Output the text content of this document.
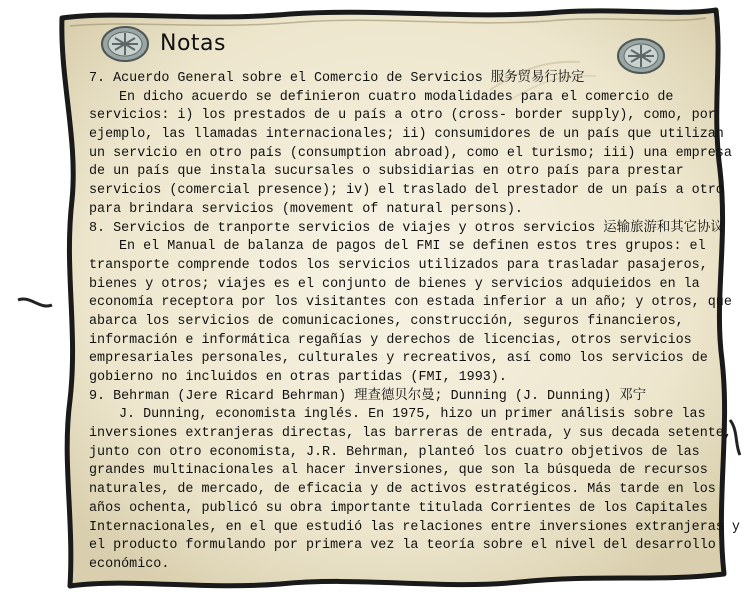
Notas
7. Acuerdo General sobre el Comercio de Servicios 服务贸易行协定
En dicho acuerdo se definieron cuatro modalidades para el comercio de
servicios: i) los prestados de u país a otro (cross- border supply), como, por
ejemplo, las llamadas internacionales; ii) consumidores de un país que utilizan
un servicio en otro país (consumption abroad), como el turismo; iii) una empresa
de un país que instala sucursales o subsidiarias en otro país para prestar
servicios (comercial presence); iv) el traslado del prestador de un país a otro
para brindara servicios (movement of natural persons).
8. Servicios de tranporte servicios de viajes y otros servicios 运输旅游和其它协议
En el Manual de balanza de pagos del FMI se definen estos tres grupos: el
transporte comprende todos los servicios utilizados para trasladar pasajeros,
bienes y otros; viajes es el conjunto de bienes y servicios adquieidos en la
economía receptora por los visitantes con estada inferior a un año; y otros, que
abarca los servicios de comunicaciones, construcción, seguros financieros,
información e informática regañías y derechos de licencias, otros servicios
empresariales personales, culturales y recreativos, así como los servicios de
gobierno no incluidos en otras partidas (FMI, 1993).
9. Behrman (Jere Ricard Behrman) 理查德贝尔曼; Dunning (J. Dunning) 邓宁
J. Dunning, economista inglés. En 1975, hizo un primer análisis sobre las
inversiones extranjeras directas, las barreras de entrada, y sus decada setente,
junto con otro economista, J.R. Behrman, planteó los cuatro objetivos de las
grandes multinacionales al hacer inversiones, que son la búsqueda de recursos
naturales, de mercado, de eficacia y de activos estratégicos. Más tarde en los
años ochenta, publicó su obra importante titulada Corrientes de los Capitales
Internacionales, en el que estudió las relaciones entre inversiones extranjeras y
el producto formulando por primera vez la teoría sobre el nivel del desarrollo
económico.
